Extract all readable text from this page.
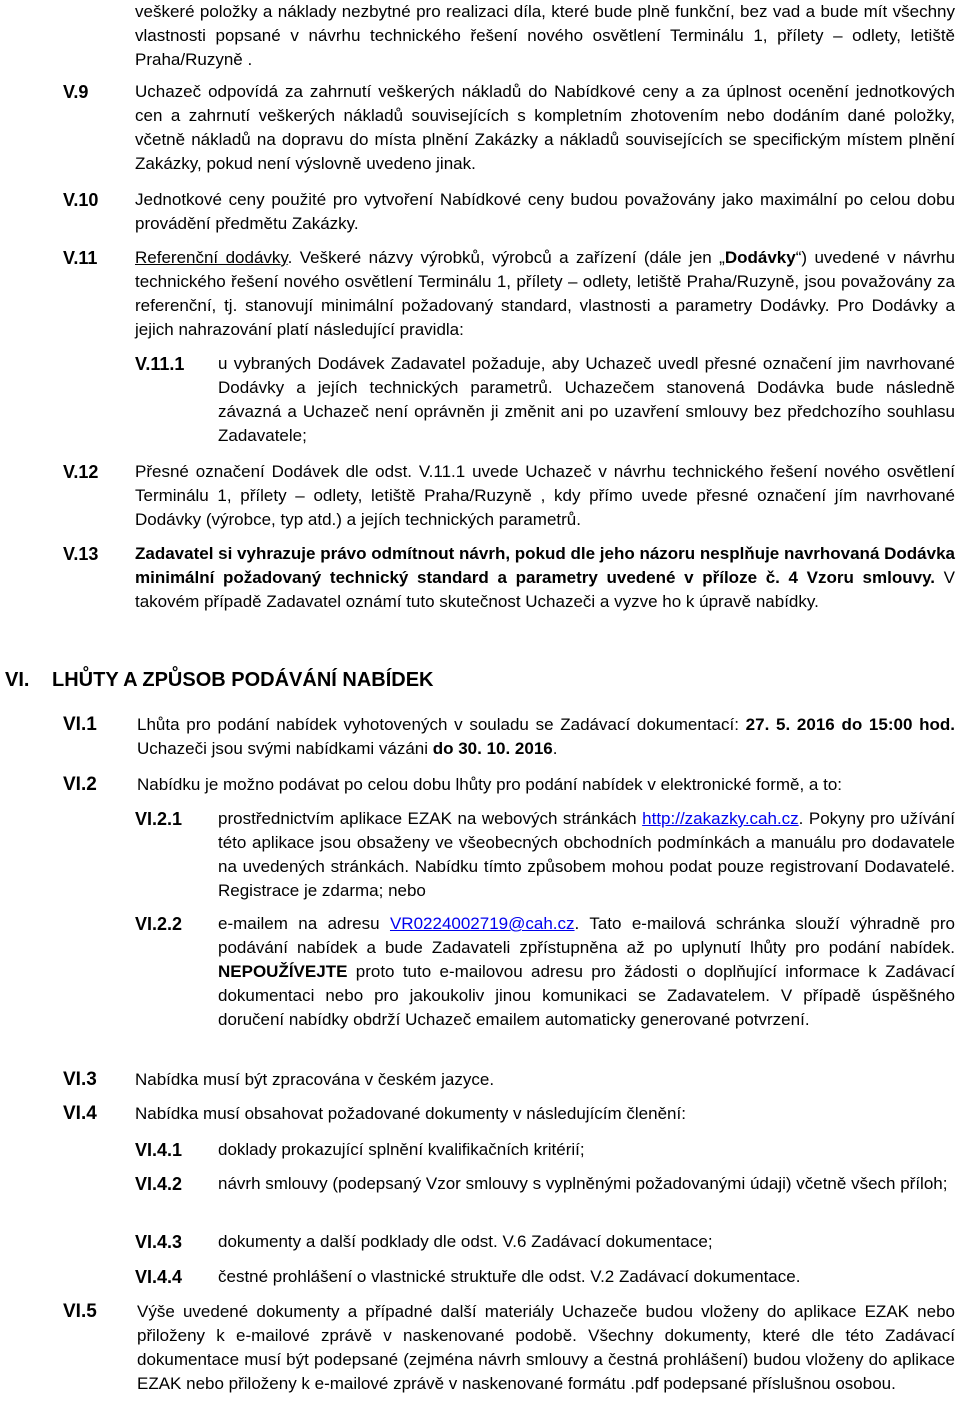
veškeré položky a náklady nezbytné pro realizaci díla, které bude plně funkční, bez vad a bude mít všechny vlastnosti popsané v návrhu technického řešení nového osvětlení Terminálu 1, přílety – odlety, letiště Praha/Ruzyně .
V.9	Uchazeč odpovídá za zahrnutí veškerých nákladů do Nabídkové ceny a za úplnost ocenění jednotkových cen a zahrnutí veškerých nákladů souvisejících s kompletním zhotovením nebo dodáním dané položky, včetně nákladů na dopravu do místa plnění Zakázky a nákladů souvisejících se specifickým místem plnění Zakázky, pokud není výslovně uvedeno jinak.
V.10 Jednotkové ceny použité pro vytvoření Nabídkové ceny budou považovány jako maximální po celou dobu provádění předmětu Zakázky.
V.11 Referenční dodávky. Veškeré názvy výrobků, výrobců a zařízení (dále jen „Dodávky“) uvedené v návrhu technického řešení nového osvětlení Terminálu 1, přílety – odlety, letiště Praha/Ruzyně, jsou považovány za referenční, tj. stanovují minimální požadovaný standard, vlastnosti a parametry Dodávky. Pro Dodávky a jejich nahrazování platí následující pravidla:
V.11.1 u vybraných Dodávek Zadavatel požaduje, aby Uchazeč uvedl přesné označení jim navrhované Dodávky a jejích technických parametrů. Uchazečem stanovená Dodávka bude následně závazná a Uchazeč není oprávněn ji změnit ani po uzavření smlouvy bez předchozího souhlasu Zadavatele;
V.12 Přesné označení Dodávek dle odst. V.11.1 uvede Uchazeč v návrhu technického řešení nového osvětlení Terminálu 1, přílety – odlety, letiště Praha/Ruzyně , kdy přímo uvede přesné označení jím navrhované Dodávky (výrobce, typ atd.) a jejích technických parametrů.
V.13 Zadavatel si vyhrazuje právo odmítnout návrh, pokud dle jeho názoru nesplňuje navrhovaná Dodávka minimální požadovaný technický standard a parametry uvedené v příloze č. 4 Vzoru smlouvy. V takovém případě Zadavatel oznámí tuto skutečnost Uchazeči a vyzve ho k úpravě nabídky.
VI. LHŮTY A ZPŮSOB PODÁVÁNÍ NABÍDEK
VI.1 Lhůta pro podání nabídek vyhotovených v souladu se Zadávací dokumentací: 27. 5. 2016 do 15:00 hod. Uchazeči jsou svými nabídkami vázáni do 30. 10. 2016.
VI.2 Nabídku je možno podávat po celou dobu lhůty pro podání nabídek v elektronické formě, a to:
VI.2.1 prostřednictvím aplikace EZAK na webových stránkách http://zakazky.cah.cz. Pokyny pro užívání této aplikace jsou obsaženy ve všeobecných obchodních podmínkách a manuálu pro dodavatele na uvedených stránkách. Nabídku tímto způsobem mohou podat pouze registrovaní Dodavatelé. Registrace je zdarma; nebo
VI.2.2 e-mailem na adresu VR0224002719@cah.cz. Tato e-mailová schránka slouží výhradně pro podávání nabídek a bude Zadavateli zpřístupněna až po uplynutí lhůty pro podání nabídek. NEPOUŽÍVEJTE proto tuto e-mailovou adresu pro žádosti o doplňující informace k Zadávací dokumentaci nebo pro jakoukoliv jinou komunikaci se Zadavatelem. V případě úspěšného doručení nabídky obdrží Uchazeč emailem automaticky generované potvrzení.
VI.3 Nabídka musí být zpracována v českém jazyce.
VI.4 Nabídka musí obsahovat požadované dokumenty v následujícím členění:
VI.4.1 doklady prokazující splnění kvalifikačních kritérií;
VI.4.2 návrh smlouvy (podepsaný Vzor smlouvy s vyplněnými požadovanými údaji) včetně všech příloh;
VI.4.3 dokumenty a další podklady dle odst. V.6 Zadávací dokumentace;
VI.4.4 čestné prohlášení o vlastnické struktuře dle odst. V.2 Zadávací dokumentace.
VI.5 Výše uvedené dokumenty a případné další materiály Uchazeče budou vloženy do aplikace EZAK nebo přiloženy k e-mailové zprávě v naskenované podobě. Všechny dokumenty, které dle této Zadávací dokumentace musí být podepsané (zejména návrh smlouvy a čestná prohlášení) budou vloženy do aplikace EZAK nebo přiloženy k e-mailové zprávě v naskenované formátu .pdf podepsané příslušnou osobou.
